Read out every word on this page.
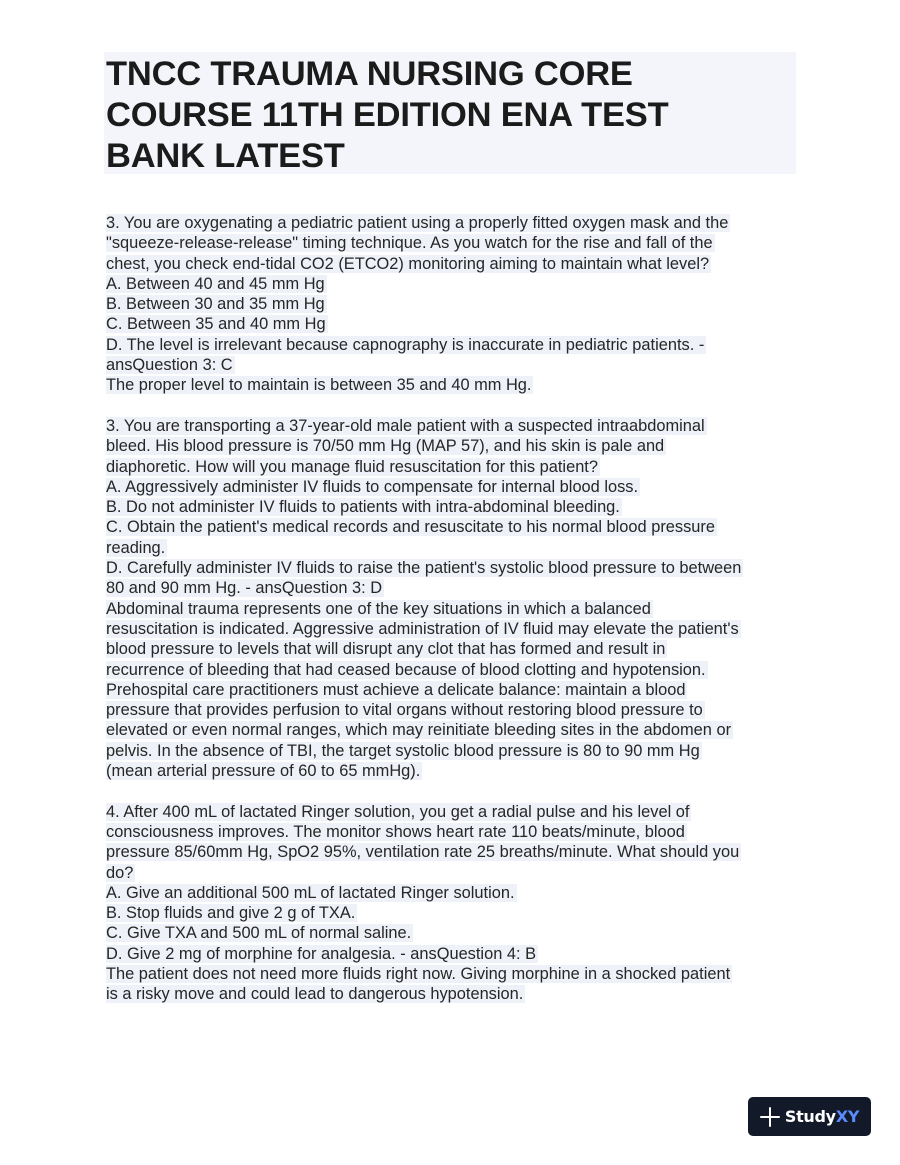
TNCC TRAUMA NURSING CORE
COURSE 11TH EDITION ENA TEST
BANK LATEST
3. You are oxygenating a pediatric patient using a properly fitted oxygen mask and the
"squeeze-release-release" timing technique. As you watch for the rise and fall of the
chest, you check end-tidal CO2 (ETCO2) monitoring aiming to maintain what level?
A. Between 40 and 45 mm Hg
B. Between 30 and 35 mm Hg
C. Between 35 and 40 mm Hg
D. The level is irrelevant because capnography is inaccurate in pediatric patients. -
ansQuestion 3: C
The proper level to maintain is between 35 and 40 mm Hg.
3. You are transporting a 37-year-old male patient with a suspected intraabdominal
bleed. His blood pressure is 70/50 mm Hg (MAP 57), and his skin is pale and
diaphoretic. How will you manage fluid resuscitation for this patient?
A. Aggressively administer IV fluids to compensate for internal blood loss.
B. Do not administer IV fluids to patients with intra-abdominal bleeding.
C. Obtain the patient's medical records and resuscitate to his normal blood pressure
reading.
D. Carefully administer IV fluids to raise the patient's systolic blood pressure to between
80 and 90 mm Hg. - ansQuestion 3: D
Abdominal trauma represents one of the key situations in which a balanced
resuscitation is indicated. Aggressive administration of IV fluid may elevate the patient's
blood pressure to levels that will disrupt any clot that has formed and result in
recurrence of bleeding that had ceased because of blood clotting and hypotension.
Prehospital care practitioners must achieve a delicate balance: maintain a blood
pressure that provides perfusion to vital organs without restoring blood pressure to
elevated or even normal ranges, which may reinitiate bleeding sites in the abdomen or
pelvis. In the absence of TBI, the target systolic blood pressure is 80 to 90 mm Hg
(mean arterial pressure of 60 to 65 mmHg).
4. After 400 mL of lactated Ringer solution, you get a radial pulse and his level of
consciousness improves. The monitor shows heart rate 110 beats/minute, blood
pressure 85/60mm Hg, SpO2 95%, ventilation rate 25 breaths/minute. What should you
do?
A. Give an additional 500 mL of lactated Ringer solution.
B. Stop fluids and give 2 g of TXA.
C. Give TXA and 500 mL of normal saline.
D. Give 2 mg of morphine for analgesia. - ansQuestion 4: B
The patient does not need more fluids right now. Giving morphine in a shocked patient
is a risky move and could lead to dangerous hypotension.
StudyXY
